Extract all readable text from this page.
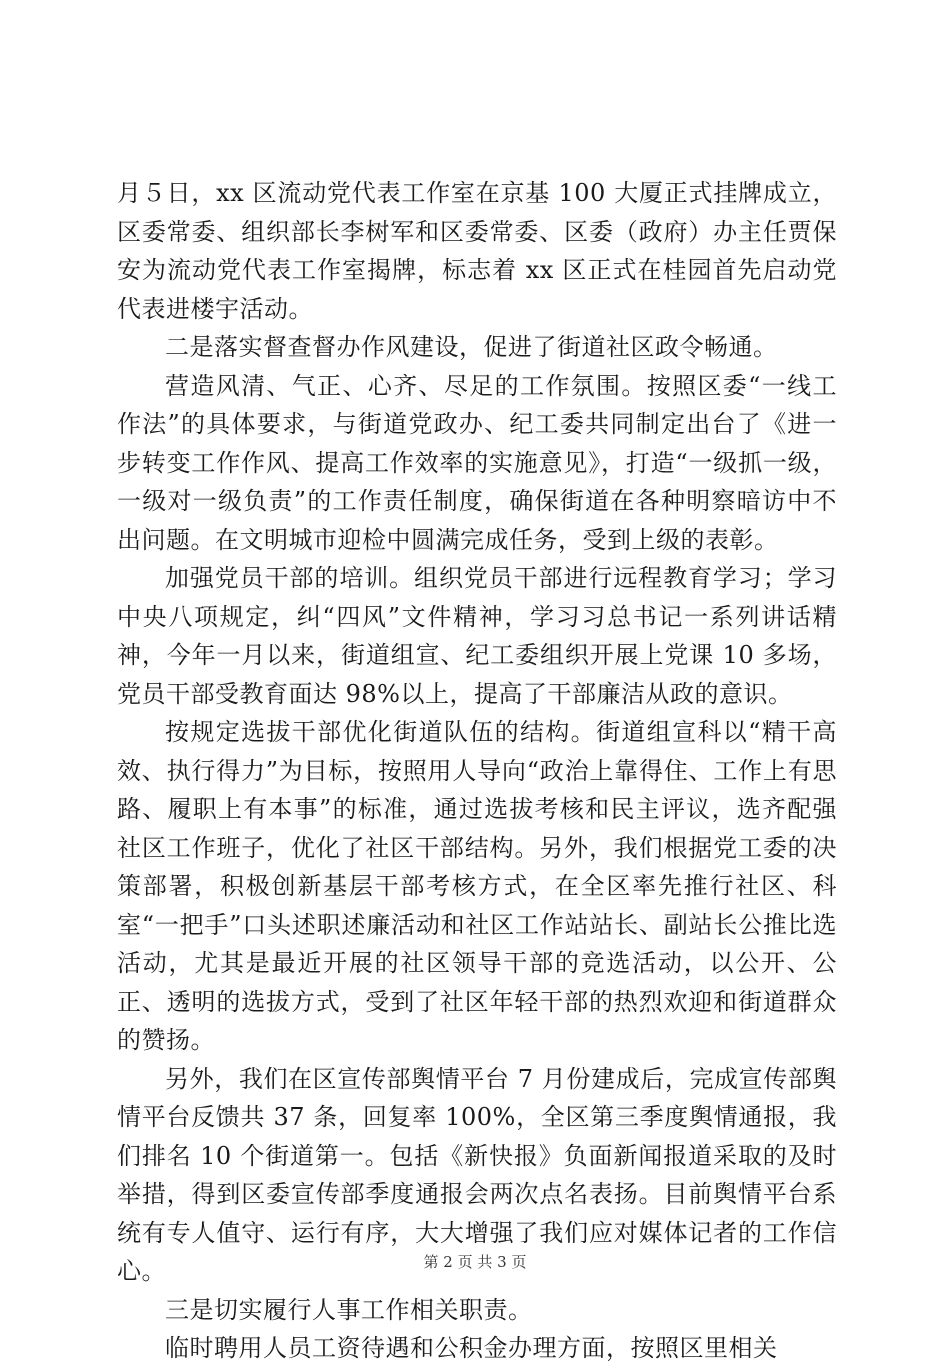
月５日，xx 区流动党代表工作室在京基 100 大厦正式挂牌成立，区委常委、组织部长李树军和区委常委、区委（政府）办主任贾保安为流动党代表工作室揭牌，标志着 xx 区正式在桂园首先启动党代表进楼宇活动。

二是落实督查督办作风建设，促进了街道社区政令畅通。

营造风清、气正、心齐、尽足的工作氛围。按照区委“一线工作法”的具体要求，与街道党政办、纪工委共同制定出台了《进一步转变工作作风、提高工作效率的实施意见》，打造“一级抓一级，一级对一级负责”的工作责任制度，确保街道在各种明察暗访中不出问题。在文明城市迎检中圆满完成任务，受到上级的表彰。

加强党员干部的培训。组织党员干部进行远程教育学习；学习中央八项规定，纠“四风”文件精神，学习习总书记一系列讲话精神，今年一月以来，街道组宣、纪工委组织开展上党课 10 多场，党员干部受教育面达 98%以上，提高了干部廉洁从政的意识。

按规定选拔干部优化街道队伍的结构。街道组宣科以“精干高效、执行得力”为目标，按照用人导向“政治上靠得住、工作上有思路、履职上有本事”的标准，通过选拔考核和民主评议，选齐配强社区工作班子，优化了社区干部结构。另外，我们根据党工委的决策部署，积极创新基层干部考核方式，在全区率先推行社区、科室“一把手”口头述职述廉活动和社区工作站站长、副站长公推比选活动，尤其是最近开展的社区领导干部的竞选活动，以公开、公正、透明的选拔方式，受到了社区年轻干部的热烈欢迎和街道群众的赞扬。

另外，我们在区宣传部舆情平台 7 月份建成后，完成宣传部舆情平台反馈共 37 条，回复率 100%，全区第三季度舆情通报，我们排名 10 个街道第一。包括《新快报》负面新闻报道采取的及时举措，得到区委宣传部季度通报会两次点名表扬。目前舆情平台系统有专人值守、运行有序，大大增强了我们应对媒体记者的工作信心。

三是切实履行人事工作相关职责。

临时聘用人员工资待遇和公积金办理方面，按照区里相关

第 2 页 共 3 页
